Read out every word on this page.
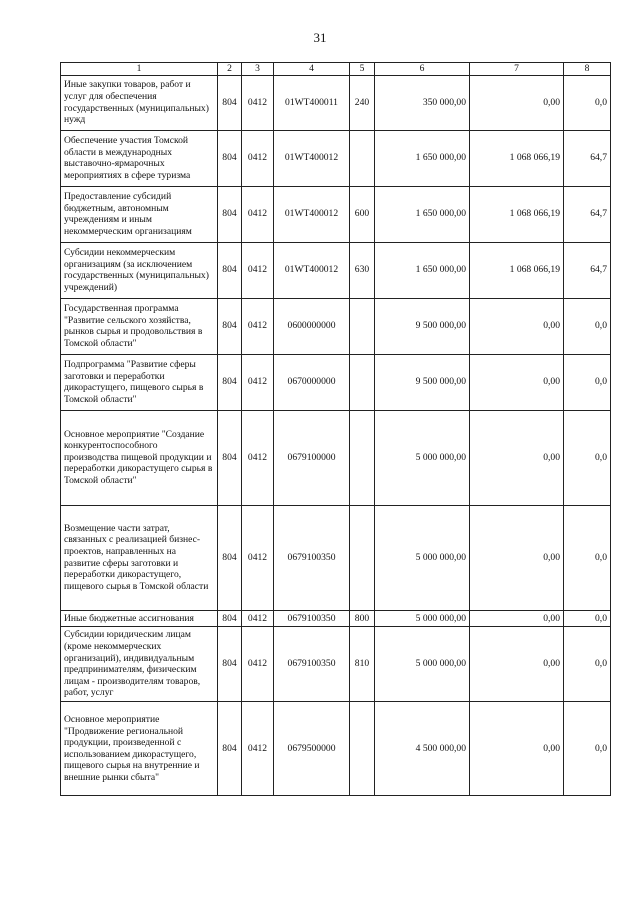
31
1	2	3	4	5	6	7	8
Иные закупки товаров, работ и услуг для обеспечения государственных (муниципальных) нужд	804	0412	01WT400011	240	350 000,00	0,00	0,0
Обеспечение участия Томской области в международных выставочно-ярмарочных мероприятиях в сфере туризма	804	0412	01WT400012		1 650 000,00	1 068 066,19	64,7
Предоставление субсидий бюджетным, автономным учреждениям и иным некоммерческим организациям	804	0412	01WT400012	600	1 650 000,00	1 068 066,19	64,7
Субсидии некоммерческим организациям (за исключением государственных (муниципальных) учреждений)	804	0412	01WT400012	630	1 650 000,00	1 068 066,19	64,7
Государственная программа "Развитие сельского хозяйства, рынков сырья и продовольствия в Томской области"	804	0412	0600000000		9 500 000,00	0,00	0,0
Подпрограмма "Развитие сферы заготовки и переработки дикорастущего, пищевого сырья в Томской области"	804	0412	0670000000		9 500 000,00	0,00	0,0
Основное мероприятие "Создание конкурентоспособного производства пищевой продукции и переработки дикорастущего сырья в Томской области"	804	0412	0679100000		5 000 000,00	0,00	0,0
Возмещение части затрат, связанных с реализацией бизнес-проектов, направленных на развитие сферы заготовки и переработки дикорастущего, пищевого сырья в Томской области	804	0412	0679100350		5 000 000,00	0,00	0,0
Иные бюджетные ассигнования	804	0412	0679100350	800	5 000 000,00	0,00	0,0
Субсидии юридическим лицам (кроме некоммерческих организаций), индивидуальным предпринимателям, физическим лицам - производителям товаров, работ, услуг	804	0412	0679100350	810	5 000 000,00	0,00	0,0
Основное мероприятие "Продвижение региональной продукции, произведенной с использованием дикорастущего, пищевого сырья на внутренние и внешние рынки сбыта"	804	0412	0679500000		4 500 000,00	0,00	0,0
